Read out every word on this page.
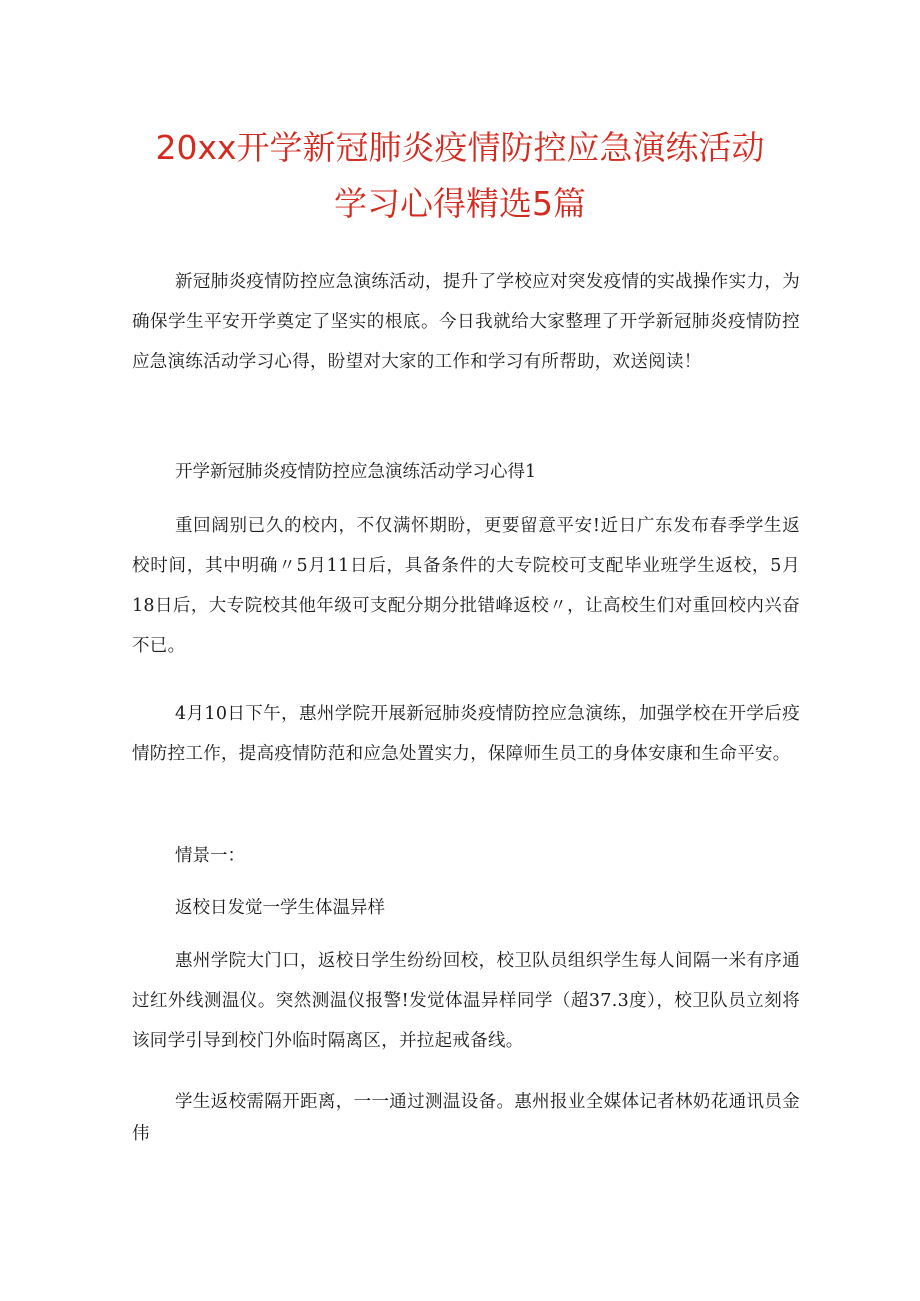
20xx开学新冠肺炎疫情防控应急演练活动
学习心得精选5篇

新冠肺炎疫情防控应急演练活动，提升了学校应对突发疫情的实战操作实力，为确保学生平安开学奠定了坚实的根底。今日我就给大家整理了开学新冠肺炎疫情防控应急演练活动学习心得，盼望对大家的工作和学习有所帮助，欢送阅读！

开学新冠肺炎疫情防控应急演练活动学习心得1

重回阔别已久的校内，不仅满怀期盼，更要留意平安!近日广东发布春季学生返校时间，其中明确〃5月11日后，具备条件的大专院校可支配毕业班学生返校，5月18日后，大专院校其他年级可支配分期分批错峰返校〃，让高校生们对重回校内兴奋不已。

4月10日下午，惠州学院开展新冠肺炎疫情防控应急演练，加强学校在开学后疫情防控工作，提高疫情防范和应急处置实力，保障师生员工的身体安康和生命平安。

情景一：

返校日发觉一学生体温异样

惠州学院大门口，返校日学生纷纷回校，校卫队员组织学生每人间隔一米有序通过红外线测温仪。突然测温仪报警!发觉体温异样同学（超37.3度），校卫队员立刻将该同学引导到校门外临时隔离区，并拉起戒备线。

学生返校需隔开距离，一一通过测温设备。惠州报业全媒体记者林奶花通讯员金伟
